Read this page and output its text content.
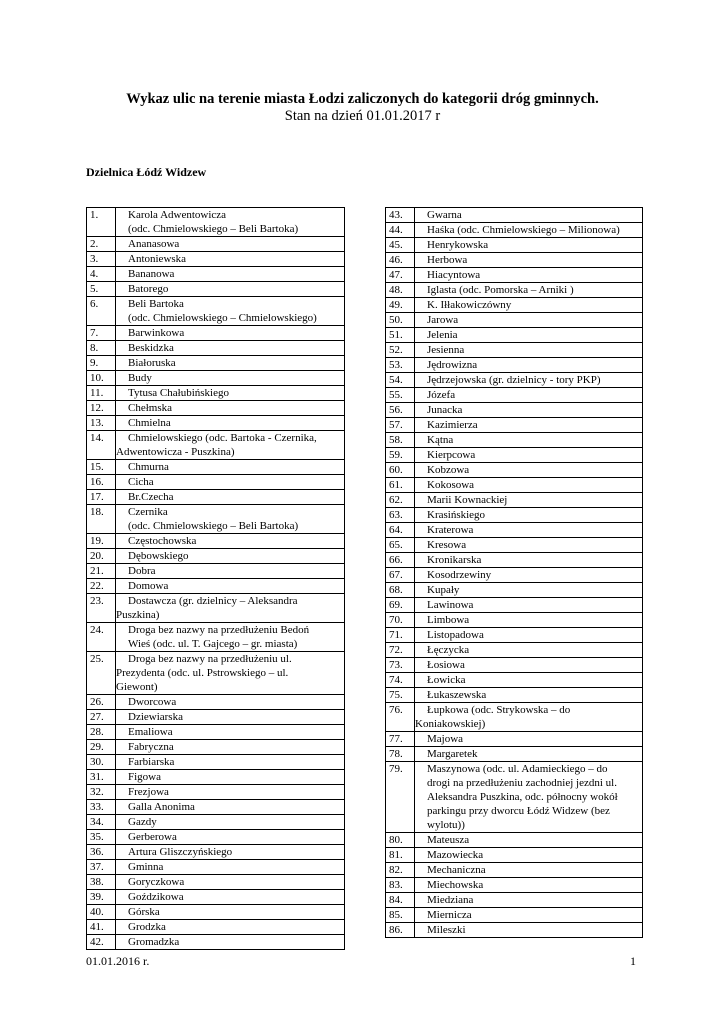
Wykaz ulic na terenie miasta Łodzi zaliczonych do kategorii dróg gminnych.
Stan na dzień 01.01.2017 r
Dzielnica Łódź Widzew
1.	Karola Adwentowicza
(odc. Chmielowskiego – Beli Bartoka)

2.	Ananasowa

3.	Antoniewska

4.	Bananowa

5.	Batorego

6.	Beli Bartoka
(odc. Chmielowskiego – Chmielowskiego)

7.	Barwinkowa

8.	Beskidzka

9.	Białoruska

10.	Budy

11.	Tytusa Chałubińskiego

12.	Chełmska

13.	Chmielna

14.	Chmielowskiego (odc. Bartoka - Czernika,
Adwentowicza - Puszkina)

15.	Chmurna

16.	Cicha

17.	Br.Czecha

18.	Czernika
(odc. Chmielowskiego – Beli Bartoka)

19.	Częstochowska

20.	Dębowskiego

21.	Dobra

22.	Domowa

23.	Dostawcza (gr. dzielnicy – Aleksandra
Puszkina)

24.	Droga bez nazwy na przedłużeniu Bedoń
Wieś (odc. ul. T. Gajcego – gr. miasta)

25.	Droga bez nazwy na przedłużeniu ul.
Prezydenta (odc. ul. Pstrowskiego – ul.
Giewont)

26.	Dworcowa

27.	Dziewiarska

28.	Emaliowa

29.	Fabryczna

30.	Farbiarska

31.	Figowa

32.	Frezjowa

33.	Galla Anonima

34.	Gazdy

35.	Gerberowa

36.	Artura Gliszczyńskiego

37.	Gminna

38.	Goryczkowa

39.	Goździkowa

40.	Górska

41.	Grodzka

42.	Gromadzka
43.	Gwarna

44.	Haśka (odc. Chmielowskiego – Milionowa)

45.	Henrykowska

46.	Herbowa

47.	Hiacyntowa

48.	Iglasta (odc. Pomorska – Arniki )

49.	K. Iłłakowiczówny

50.	Jarowa

51.	Jelenia

52.	Jesienna

53.	Jędrowizna

54.	Jędrzejowska (gr. dzielnicy - tory PKP)

55.	Józefa

56.	Junacka

57.	Kazimierza

58.	Kątna

59.	Kierpcowa

60.	Kobzowa

61.	Kokosowa

62.	Marii Kownackiej

63.	Krasińskiego

64.	Kraterowa

65.	Kresowa

66.	Kronikarska

67.	Kosodrzewiny

68.	Kupały

69.	Lawinowa

70.	Limbowa

71.	Listopadowa

72.	Łęczycka

73.	Łosiowa

74.	Łowicka

75.	Łukaszewska

76.	Łupkowa (odc. Strykowska – do
Koniakowskiej)

77.	Majowa

78.	Margaretek

79.	Maszynowa (odc. ul. Adamieckiego – do
drogi na przedłużeniu zachodniej jezdni ul.
Aleksandra Puszkina, odc. północny wokół
parkingu przy dworcu Łódź Widzew (bez
wylotu))

80.	Mateusza

81.	Mazowiecka

82.	Mechaniczna

83.	Miechowska

84.	Miedziana

85.	Miernicza

86.	Mileszki
01.01.2016 r.	1
